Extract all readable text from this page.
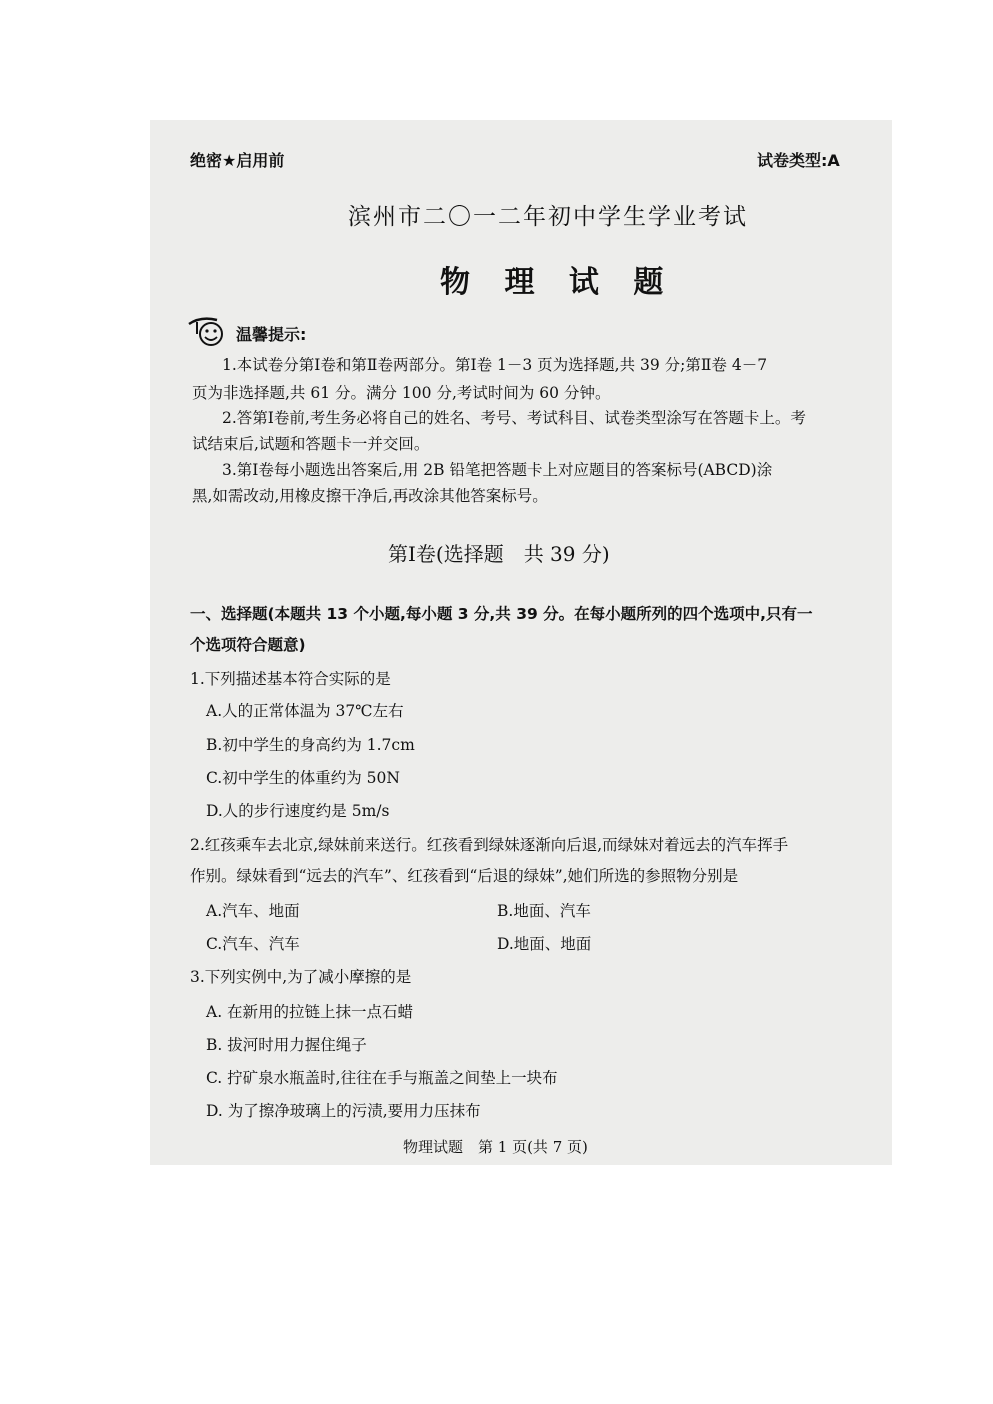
绝密★启用前	试卷类型:A
滨州市二〇一二年初中学生学业考试
物 理 试 题
温馨提示:
1.本试卷分第Ⅰ卷和第Ⅱ卷两部分。第Ⅰ卷 1－3 页为选择题,共 39 分;第Ⅱ卷 4－7
页为非选择题,共 61 分。满分 100 分,考试时间为 60 分钟。
2.答第Ⅰ卷前,考生务必将自己的姓名、考号、考试科目、试卷类型涂写在答题卡上。考
试结束后,试题和答题卡一并交回。
3.第Ⅰ卷每小题选出答案后,用 2B 铅笔把答题卡上对应题目的答案标号(ABCD)涂
黑,如需改动,用橡皮擦干净后,再改涂其他答案标号。
第Ⅰ卷(选择题　共 39 分)
一、选择题(本题共 13 个小题,每小题 3 分,共 39 分。在每小题所列的四个选项中,只有一
个选项符合题意)
1.下列描述基本符合实际的是
A.人的正常体温为 37℃左右
B.初中学生的身高约为 1.7cm
C.初中学生的体重约为 50N
D.人的步行速度约是 5m/s
2.红孩乘车去北京,绿妹前来送行。红孩看到绿妹逐渐向后退,而绿妹对着远去的汽车挥手
作别。绿妹看到“远去的汽车”、红孩看到“后退的绿妹”,她们所选的参照物分别是
A.汽车、地面	B.地面、汽车
C.汽车、汽车	D.地面、地面
3.下列实例中,为了减小摩擦的是
A. 在新用的拉链上抹一点石蜡
B. 拔河时用力握住绳子
C. 拧矿泉水瓶盖时,往往在手与瓶盖之间垫上一块布
D. 为了擦净玻璃上的污渍,要用力压抹布
物理试题　第 1 页(共 7 页)
